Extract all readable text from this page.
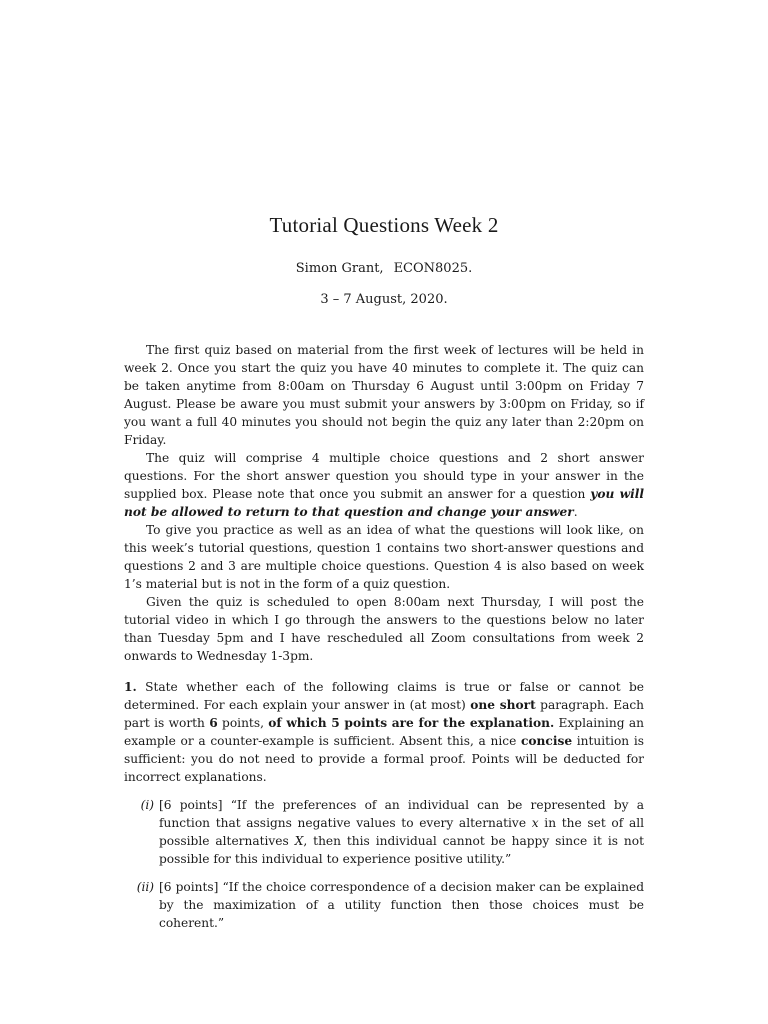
Tutorial Questions Week 2
Simon Grant, ECON8025.
3 – 7 August, 2020.

The first quiz based on material from the first week of lectures will be held in week 2. Once you start the quiz you have 40 minutes to complete it. The quiz can be taken anytime from 8:00am on Thursday 6 August until 3:00pm on Friday 7 August. Please be aware you must submit your answers by 3:00pm on Friday, so if you want a full 40 minutes you should not begin the quiz any later than 2:20pm on Friday.

The quiz will comprise 4 multiple choice questions and 2 short answer questions. For the short answer question you should type in your answer in the supplied box. Please note that once you submit an answer for a question you will not be allowed to return to that question and change your answer.

To give you practice as well as an idea of what the questions will look like, on this week’s tutorial questions, question 1 contains two short-answer questions and questions 2 and 3 are multiple choice questions. Question 4 is also based on week 1’s material but is not in the form of a quiz question.

Given the quiz is scheduled to open 8:00am next Thursday, I will post the tutorial video in which I go through the answers to the questions below no later than Tuesday 5pm and I have rescheduled all Zoom consultations from week 2 onwards to Wednesday 1-3pm.

1. State whether each of the following claims is true or false or cannot be determined. For each explain your answer in (at most) one short paragraph. Each part is worth 6 points, of which 5 points are for the explanation. Explaining an example or a counter-example is sufficient. Absent this, a nice concise intuition is sufficient: you do not need to provide a formal proof. Points will be deducted for incorrect explanations.

(i) [6 points] “If the preferences of an individual can be represented by a function that assigns negative values to every alternative x in the set of all possible alternatives X, then this individual cannot be happy since it is not possible for this individual to experience positive utility.”

(ii) [6 points] “If the choice correspondence of a decision maker can be explained by the maximization of a utility function then those choices must be coherent.”
